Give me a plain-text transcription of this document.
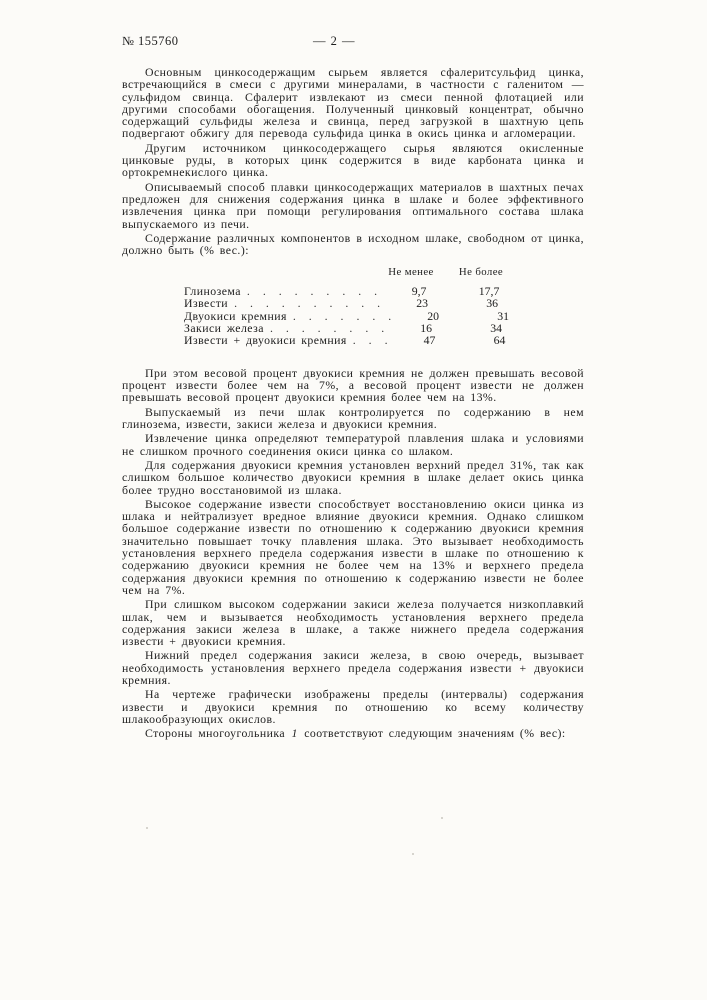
№ 155760	— 2 —

Основным цинкосодержащим сырьем является сфалеритсульфид цинка, встречающийся в смеси с другими минералами, в частности с галенитом — сульфидом свинца. Сфалерит извлекают из смеси пенной флотацией или другими способами обогащения. Полученный цинковый концентрат, обычно содержащий сульфиды железа и свинца, перед загрузкой в шахтную цепь подвергают обжигу для перевода сульфида цинка в окись цинка и агломерации.

Другим источником цинкосодержащего сырья являются окисленные цинковые руды, в которых цинк содержится в виде карбоната цинка и ортокремнекислого цинка.

Описываемый способ плавки цинкосодержащих материалов в шахтных печах предложен для снижения содержания цинка в шлаке и более эффективного извлечения цинка при помощи регулирования оптимального состава шлака выпускаемого из печи.

Содержание различных компонентов в исходном шлаке, свободном от цинка, должно быть (% вес.):

Не менее	Не более
Глинозема . . . . . . . . .	9,7	17,7
Извести . . . . . . . . . .	23	36
Двуокиси кремния . . . . . . .	20	31
Закиси железа . . . . . . . .	16	34
Извести + двуокиси кремния . . .	47	64

При этом весовой процент двуокиси кремния не должен превышать весовой процент извести более чем на 7%, а весовой процент извести не должен превышать весовой процент двуокиси кремния более чем на 13%.

Выпускаемый из печи шлак контролируется по содержанию в нем глинозема, извести, закиси железа и двуокиси кремния.

Извлечение цинка определяют температурой плавления шлака и условиями не слишком прочного соединения окиси цинка со шлаком.

Для содержания двуокиси кремния установлен верхний предел 31%, так как слишком большое количество двуокиси кремния в шлаке делает окись цинка более трудно восстановимой из шлака.

Высокое содержание извести способствует восстановлению окиси цинка из шлака и нейтрализует вредное влияние двуокиси кремния. Однако слишком большое содержание извести по отношению к содержанию двуокиси кремния значительно повышает точку плавления шлака. Это вызывает необходимость установления верхнего предела содержания извести в шлаке по отношению к содержанию двуокиси кремния не более чем на 13% и верхнего предела содержания двуокиси кремния по отношению к содержанию извести не более чем на 7%.

При слишком высоком содержании закиси железа получается низкоплавкий шлак, чем и вызывается необходимость установления верхнего предела содержания закиси железа в шлаке, а также нижнего предела содержания извести + двуокиси кремния.

Нижний предел содержания закиси железа, в свою очередь, вызывает необходимость установления верхнего предела содержания извести + двуокиси кремния.

На чертеже графически изображены пределы (интервалы) содержания извести и двуокиси кремния по отношению ко всему количеству шлакообразующих окислов.

Стороны многоугольника 1 соответствуют следующим значениям (% вес):
